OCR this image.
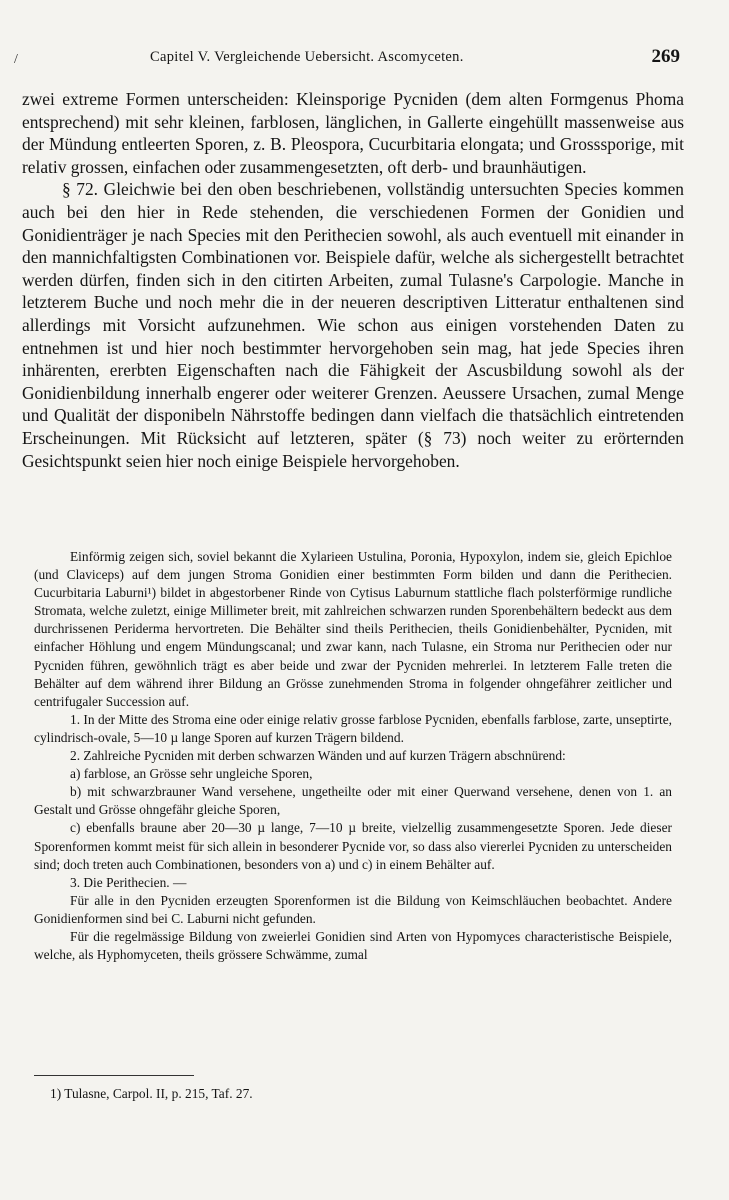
/	Capitel V. Vergleichende Uebersicht. Ascomyceten.	269

zwei extreme Formen unterscheiden: Kleinsporige Pycniden (dem alten Formgenus Phoma entsprechend) mit sehr kleinen, farblosen, länglichen, in Gallerte eingehüllt massenweise aus der Mündung entleerten Sporen, z. B. Pleospora, Cucurbitaria elongata; und Grosssporige, mit relativ grossen, einfachen oder zusammengesetzten, oft derb- und braunhäutigen.

§ 72. Gleichwie bei den oben beschriebenen, vollständig untersuchten Species kommen auch bei den hier in Rede stehenden, die verschiedenen Formen der Gonidien und Gonidienträger je nach Species mit den Perithecien sowohl, als auch eventuell mit einander in den mannichfaltigsten Combinationen vor. Beispiele dafür, welche als sichergestellt betrachtet werden dürfen, finden sich in den citirten Arbeiten, zumal Tulasne's Carpologie. Manche in letzterem Buche und noch mehr die in der neueren descriptiven Litteratur enthaltenen sind allerdings mit Vorsicht aufzunehmen. Wie schon aus einigen vorstehenden Daten zu entnehmen ist und hier noch bestimmter hervorgehoben sein mag, hat jede Species ihren inhärenten, ererbten Eigenschaften nach die Fähigkeit der Ascusbildung sowohl als der Gonidienbildung innerhalb engerer oder weiterer Grenzen. Aeussere Ursachen, zumal Menge und Qualität der disponibeln Nährstoffe bedingen dann vielfach die thatsächlich eintretenden Erscheinungen. Mit Rücksicht auf letzteren, später (§ 73) noch weiter zu erörternden Gesichtspunkt seien hier noch einige Beispiele hervorgehoben.

Einförmig zeigen sich, soviel bekannt die Xylarieen Ustulina, Poronia, Hypoxylon, indem sie, gleich Epichloe (und Claviceps) auf dem jungen Stroma Gonidien einer bestimmten Form bilden und dann die Perithecien. Cucurbitaria Laburni¹) bildet in abgestorbener Rinde von Cytisus Laburnum stattliche flach polsterförmige rundliche Stromata, welche zuletzt, einige Millimeter breit, mit zahlreichen schwarzen runden Sporenbehältern bedeckt aus dem durchrissenen Periderma hervortreten. Die Behälter sind theils Perithecien, theils Gonidienbehälter, Pycniden, mit einfacher Höhlung und engem Mündungscanal; und zwar kann, nach Tulasne, ein Stroma nur Perithecien oder nur Pycniden führen, gewöhnlich trägt es aber beide und zwar der Pycniden mehrerlei. In letzterem Falle treten die Behälter auf dem während ihrer Bildung an Grösse zunehmenden Stroma in folgender ohngefährer zeitlicher und centrifugaler Succession auf.

1. In der Mitte des Stroma eine oder einige relativ grosse farblose Pycniden, ebenfalls farblose, zarte, unseptirte, cylindrisch-ovale, 5—10 µ lange Sporen auf kurzen Trägern bildend.

2. Zahlreiche Pycniden mit derben schwarzen Wänden und auf kurzen Trägern abschnürend:

a) farblose, an Grösse sehr ungleiche Sporen,

b) mit schwarzbrauner Wand versehene, ungetheilte oder mit einer Querwand versehene, denen von 1. an Gestalt und Grösse ohngefähr gleiche Sporen,

c) ebenfalls braune aber 20—30 µ lange, 7—10 µ breite, vielzellig zusammengesetzte Sporen. Jede dieser Sporenformen kommt meist für sich allein in besonderer Pycnide vor, so dass also viererlei Pycniden zu unterscheiden sind; doch treten auch Combinationen, besonders von a) und c) in einem Behälter auf.

3. Die Perithecien. —

Für alle in den Pycniden erzeugten Sporenformen ist die Bildung von Keimschläuchen beobachtet. Andere Gonidienformen sind bei C. Laburni nicht gefunden.

Für die regelmässige Bildung von zweierlei Gonidien sind Arten von Hypomyces characteristische Beispiele, welche, als Hyphomyceten, theils grössere Schwämme, zumal

1) Tulasne, Carpol. II, p. 215, Taf. 27.
